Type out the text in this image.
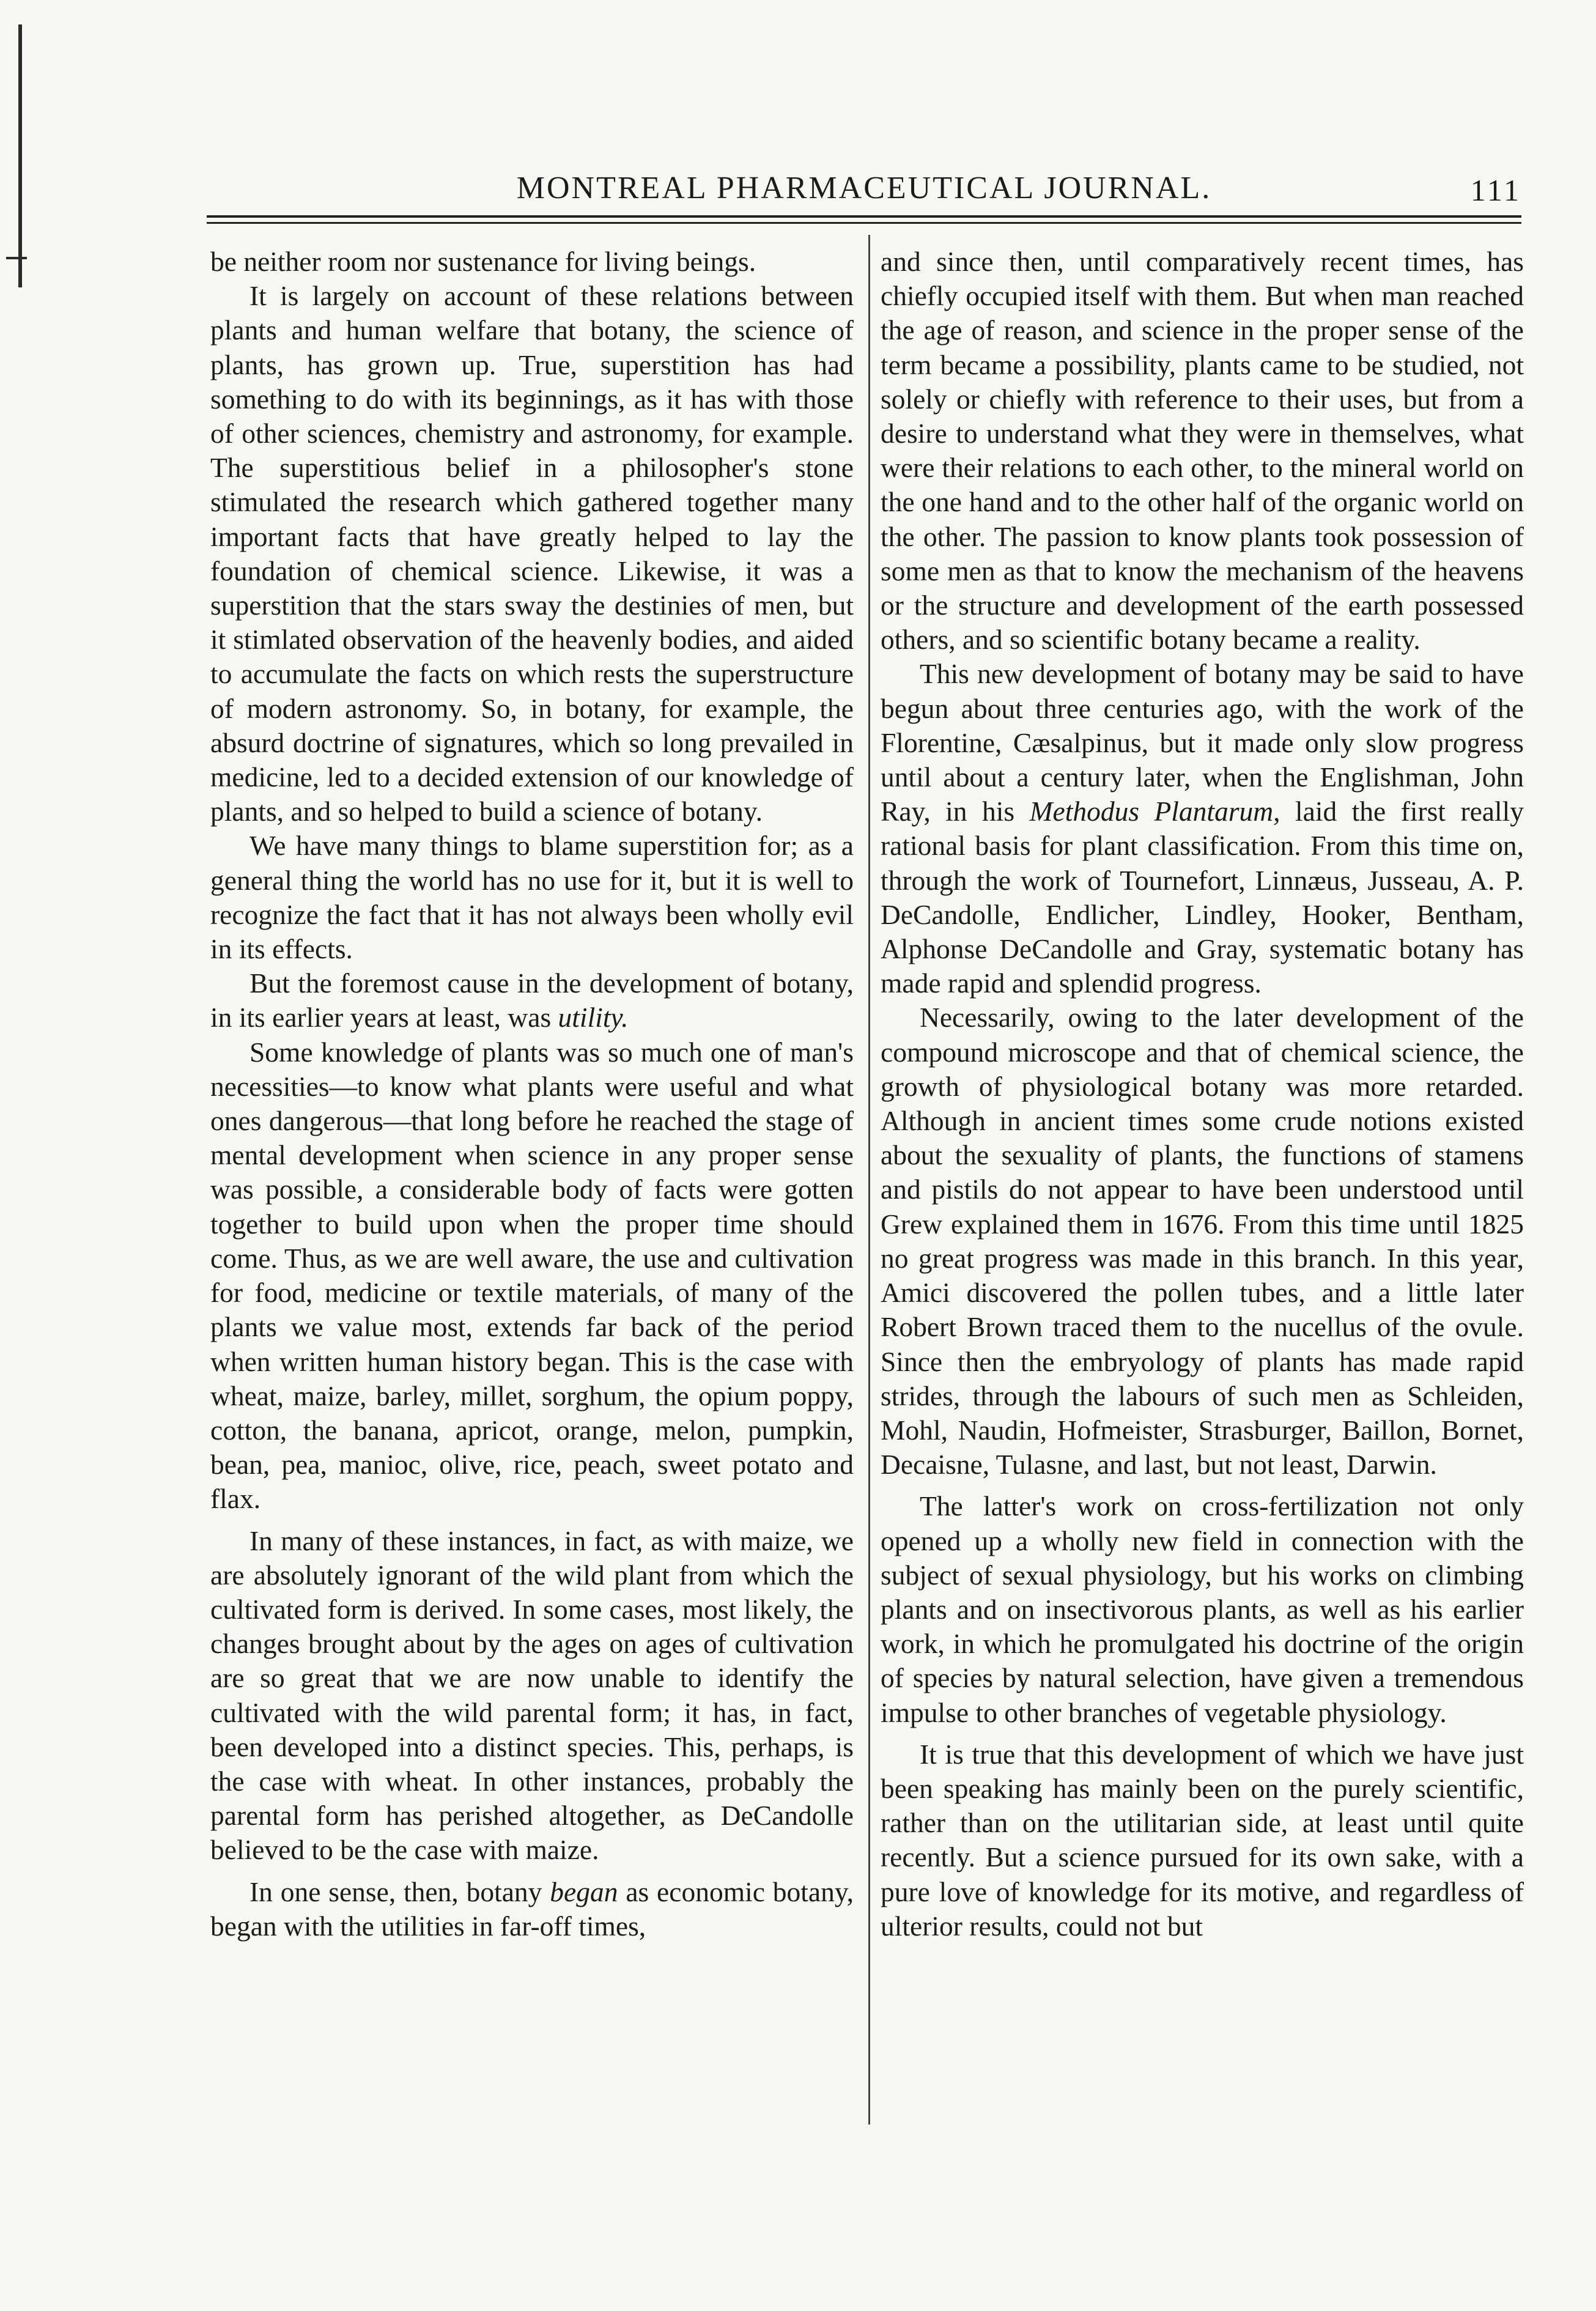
MONTREAL PHARMACEUTICAL JOURNAL.	111

be neither room nor sustenance for living beings.

It is largely on account of these relations between plants and human welfare that botany, the science of plants, has grown up. True, superstition has had something to do with its beginnings, as it has with those of other sciences, chemistry and astronomy, for example. The superstitious belief in a philosopher's stone stimulated the research which gathered together many important facts that have greatly helped to lay the foundation of chemical science. Likewise, it was a superstition that the stars sway the destinies of men, but it stimlated observation of the heavenly bodies, and aided to accumulate the facts on which rests the superstructure of modern astronomy. So, in botany, for example, the absurd doctrine of signatures, which so long prevailed in medicine, led to a decided extension of our knowledge of plants, and so helped to build a science of botany.

We have many things to blame superstition for; as a general thing the world has no use for it, but it is well to recognize the fact that it has not always been wholly evil in its effects.

But the foremost cause in the development of botany, in its earlier years at least, was utility.

Some knowledge of plants was so much one of man's necessities—to know what plants were useful and what ones dangerous—that long before he reached the stage of mental development when science in any proper sense was possible, a considerable body of facts were gotten together to build upon when the proper time should come. Thus, as we are well aware, the use and cultivation for food, medicine or textile materials, of many of the plants we value most, extends far back of the period when written human history began. This is the case with wheat, maize, barley, millet, sorghum, the opium poppy, cotton, the banana, apricot, orange, melon, pumpkin, bean, pea, manioc, olive, rice, peach, sweet potato and flax.

In many of these instances, in fact, as with maize, we are absolutely ignorant of the wild plant from which the cultivated form is derived. In some cases, most likely, the changes brought about by the ages on ages of cultivation are so great that we are now unable to identify the cultivated with the wild parental form; it has, in fact, been developed into a distinct species. This, perhaps, is the case with wheat. In other instances, probably the parental form has perished altogether, as DeCandolle believed to be the case with maize.

In one sense, then, botany began as economic botany, began with the utilities in far-off times,

and since then, until comparatively recent times, has chiefly occupied itself with them. But when man reached the age of reason, and science in the proper sense of the term became a possibility, plants came to be studied, not solely or chiefly with reference to their uses, but from a desire to understand what they were in themselves, what were their relations to each other, to the mineral world on the one hand and to the other half of the organic world on the other. The passion to know plants took possession of some men as that to know the mechanism of the heavens or the structure and development of the earth possessed others, and so scientific botany became a reality.

This new development of botany may be said to have begun about three centuries ago, with the work of the Florentine, Cæsalpinus, but it made only slow progress until about a century later, when the Englishman, John Ray, in his Methodus Plantarum, laid the first really rational basis for plant classification. From this time on, through the work of Tournefort, Linnæus, Jusseau, A. P. DeCandolle, Endlicher, Lindley, Hooker, Bentham, Alphonse DeCandolle and Gray, systematic botany has made rapid and splendid progress.

Necessarily, owing to the later development of the compound microscope and that of chemical science, the growth of physiological botany was more retarded. Although in ancient times some crude notions existed about the sexuality of plants, the functions of stamens and pistils do not appear to have been understood until Grew explained them in 1676. From this time until 1825 no great progress was made in this branch. In this year, Amici discovered the pollen tubes, and a little later Robert Brown traced them to the nucellus of the ovule. Since then the embryology of plants has made rapid strides, through the labours of such men as Schleiden, Mohl, Naudin, Hofmeister, Strasburger, Baillon, Bornet, Decaisne, Tulasne, and last, but not least, Darwin.

The latter's work on cross-fertilization not only opened up a wholly new field in connection with the subject of sexual physiology, but his works on climbing plants and on insectivorous plants, as well as his earlier work, in which he promulgated his doctrine of the origin of species by natural selection, have given a tremendous impulse to other branches of vegetable physiology.

It is true that this development of which we have just been speaking has mainly been on the purely scientific, rather than on the utilitarian side, at least until quite recently. But a science pursued for its own sake, with a pure love of knowledge for its motive, and regardless of ulterior results, could not but
